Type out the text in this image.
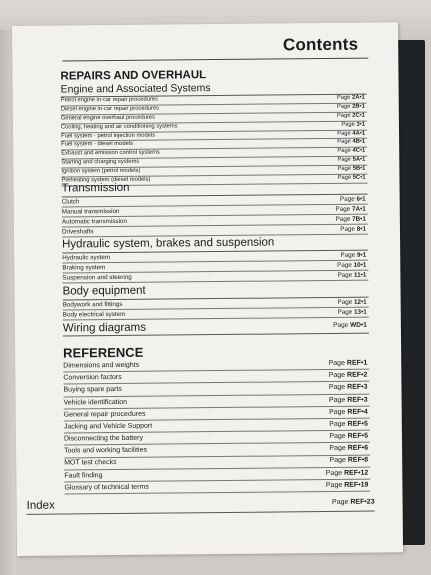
Contents
REPAIRS AND OVERHAUL
Engine and Associated Systems
Petrol engine in-car repair procedures	Page 2A•1
Diesel engine in-car repair procedures	Page 2B•1
General engine overhaul procedures	Page 2C•1
Cooling, heating and air conditioning systems	Page 3•1
Fuel system - petrol injection models	Page 4A•1
Fuel system - diesel models	Page 4B•1
Exhaust and emission control systems	Page 4C•1
Starting and charging systems	Page 5A•1
Ignition system (petrol models)	Page 5B•1
Preheating system (diesel models)	Page 5C•1
Transmission
Clutch	Page 6•1
Manual transmission	Page 7A•1
Automatic transmission	Page 7B•1
Driveshafts	Page 8•1
Hydraulic system, brakes and suspension
Hydraulic system	Page 9•1
Braking system	Page 10•1
Suspension and steering	Page 11•1
Body equipment
Bodywork and fittings	Page 12•1
Body electrical system	Page 13•1
Wiring diagrams	Page WD•1
REFERENCE
Dimensions and weights	Page REF•1
Conversion factors	Page REF•2
Buying spare parts	Page REF•3
Vehicle identification	Page REF•3
General repair procedures	Page REF•4
Jacking and Vehicle Support	Page REF•5
Disconnecting the battery	Page REF•5
Tools and working facilities	Page REF•6
MOT test checks	Page REF•8
Fault finding	Page REF•12
Glossary of technical terms	Page REF•19
Index	Page REF•23
